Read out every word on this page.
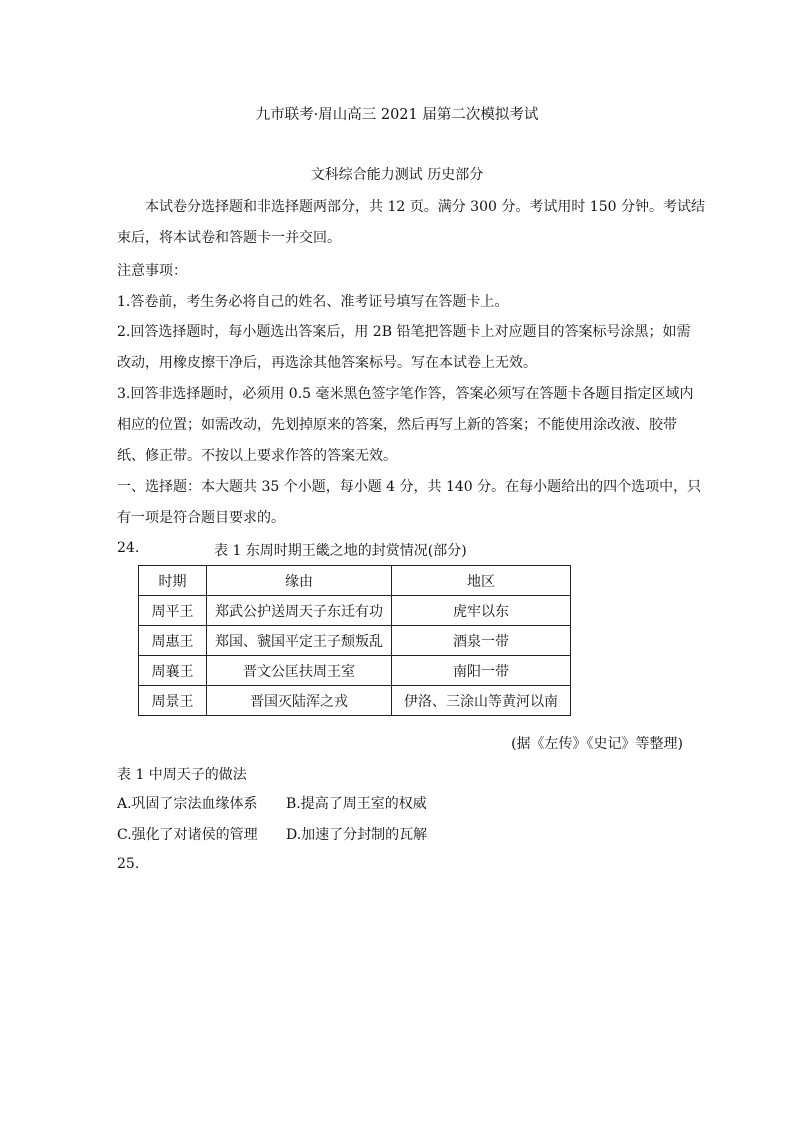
九市联考·眉山高三 2021 届第二次模拟考试
文科综合能力测试 历史部分
本试卷分选择题和非选择题两部分，共 12 页。满分 300 分。考试用时 150 分钟。考试结
束后，将本试卷和答题卡一并交回。
注意事项：
1.答卷前，考生务必将自己的姓名、准考证号填写在答题卡上。
2.回答选择题时，每小题选出答案后，用 2B 铅笔把答题卡上对应题目的答案标号涂黑；如需
改动，用橡皮擦干净后，再选涂其他答案标号。写在本试卷上无效。
3.回答非选择题时，必须用 0.5 毫米黑色签字笔作答，答案必须写在答题卡各题目指定区域内
相应的位置；如需改动，先划掉原来的答案，然后再写上新的答案；不能使用涂改液、胶带
纸、修正带。不按以上要求作答的答案无效。
一、选择题：本大题共 35 个小题，每小题 4 分，共 140 分。在每小题给出的四个选项中，只
有一项是符合题目要求的。
24.	表 1 东周时期王畿之地的封赏情况(部分)
时期	缘由	地区
周平王	郑武公护送周天子东迁有功	虎牢以东
周惠王	郑国、虢国平定王子颓叛乱	酒泉一带
周襄王	晋文公匡扶周王室	南阳一带
周景王	晋国灭陆浑之戎	伊洛、三涂山等黄河以南
(据《左传》《史记》等整理)
表 1 中周天子的做法
A.巩固了宗法血缘体系	B.提高了周王室的权威
C.强化了对诸侯的管理	D.加速了分封制的瓦解
25.
